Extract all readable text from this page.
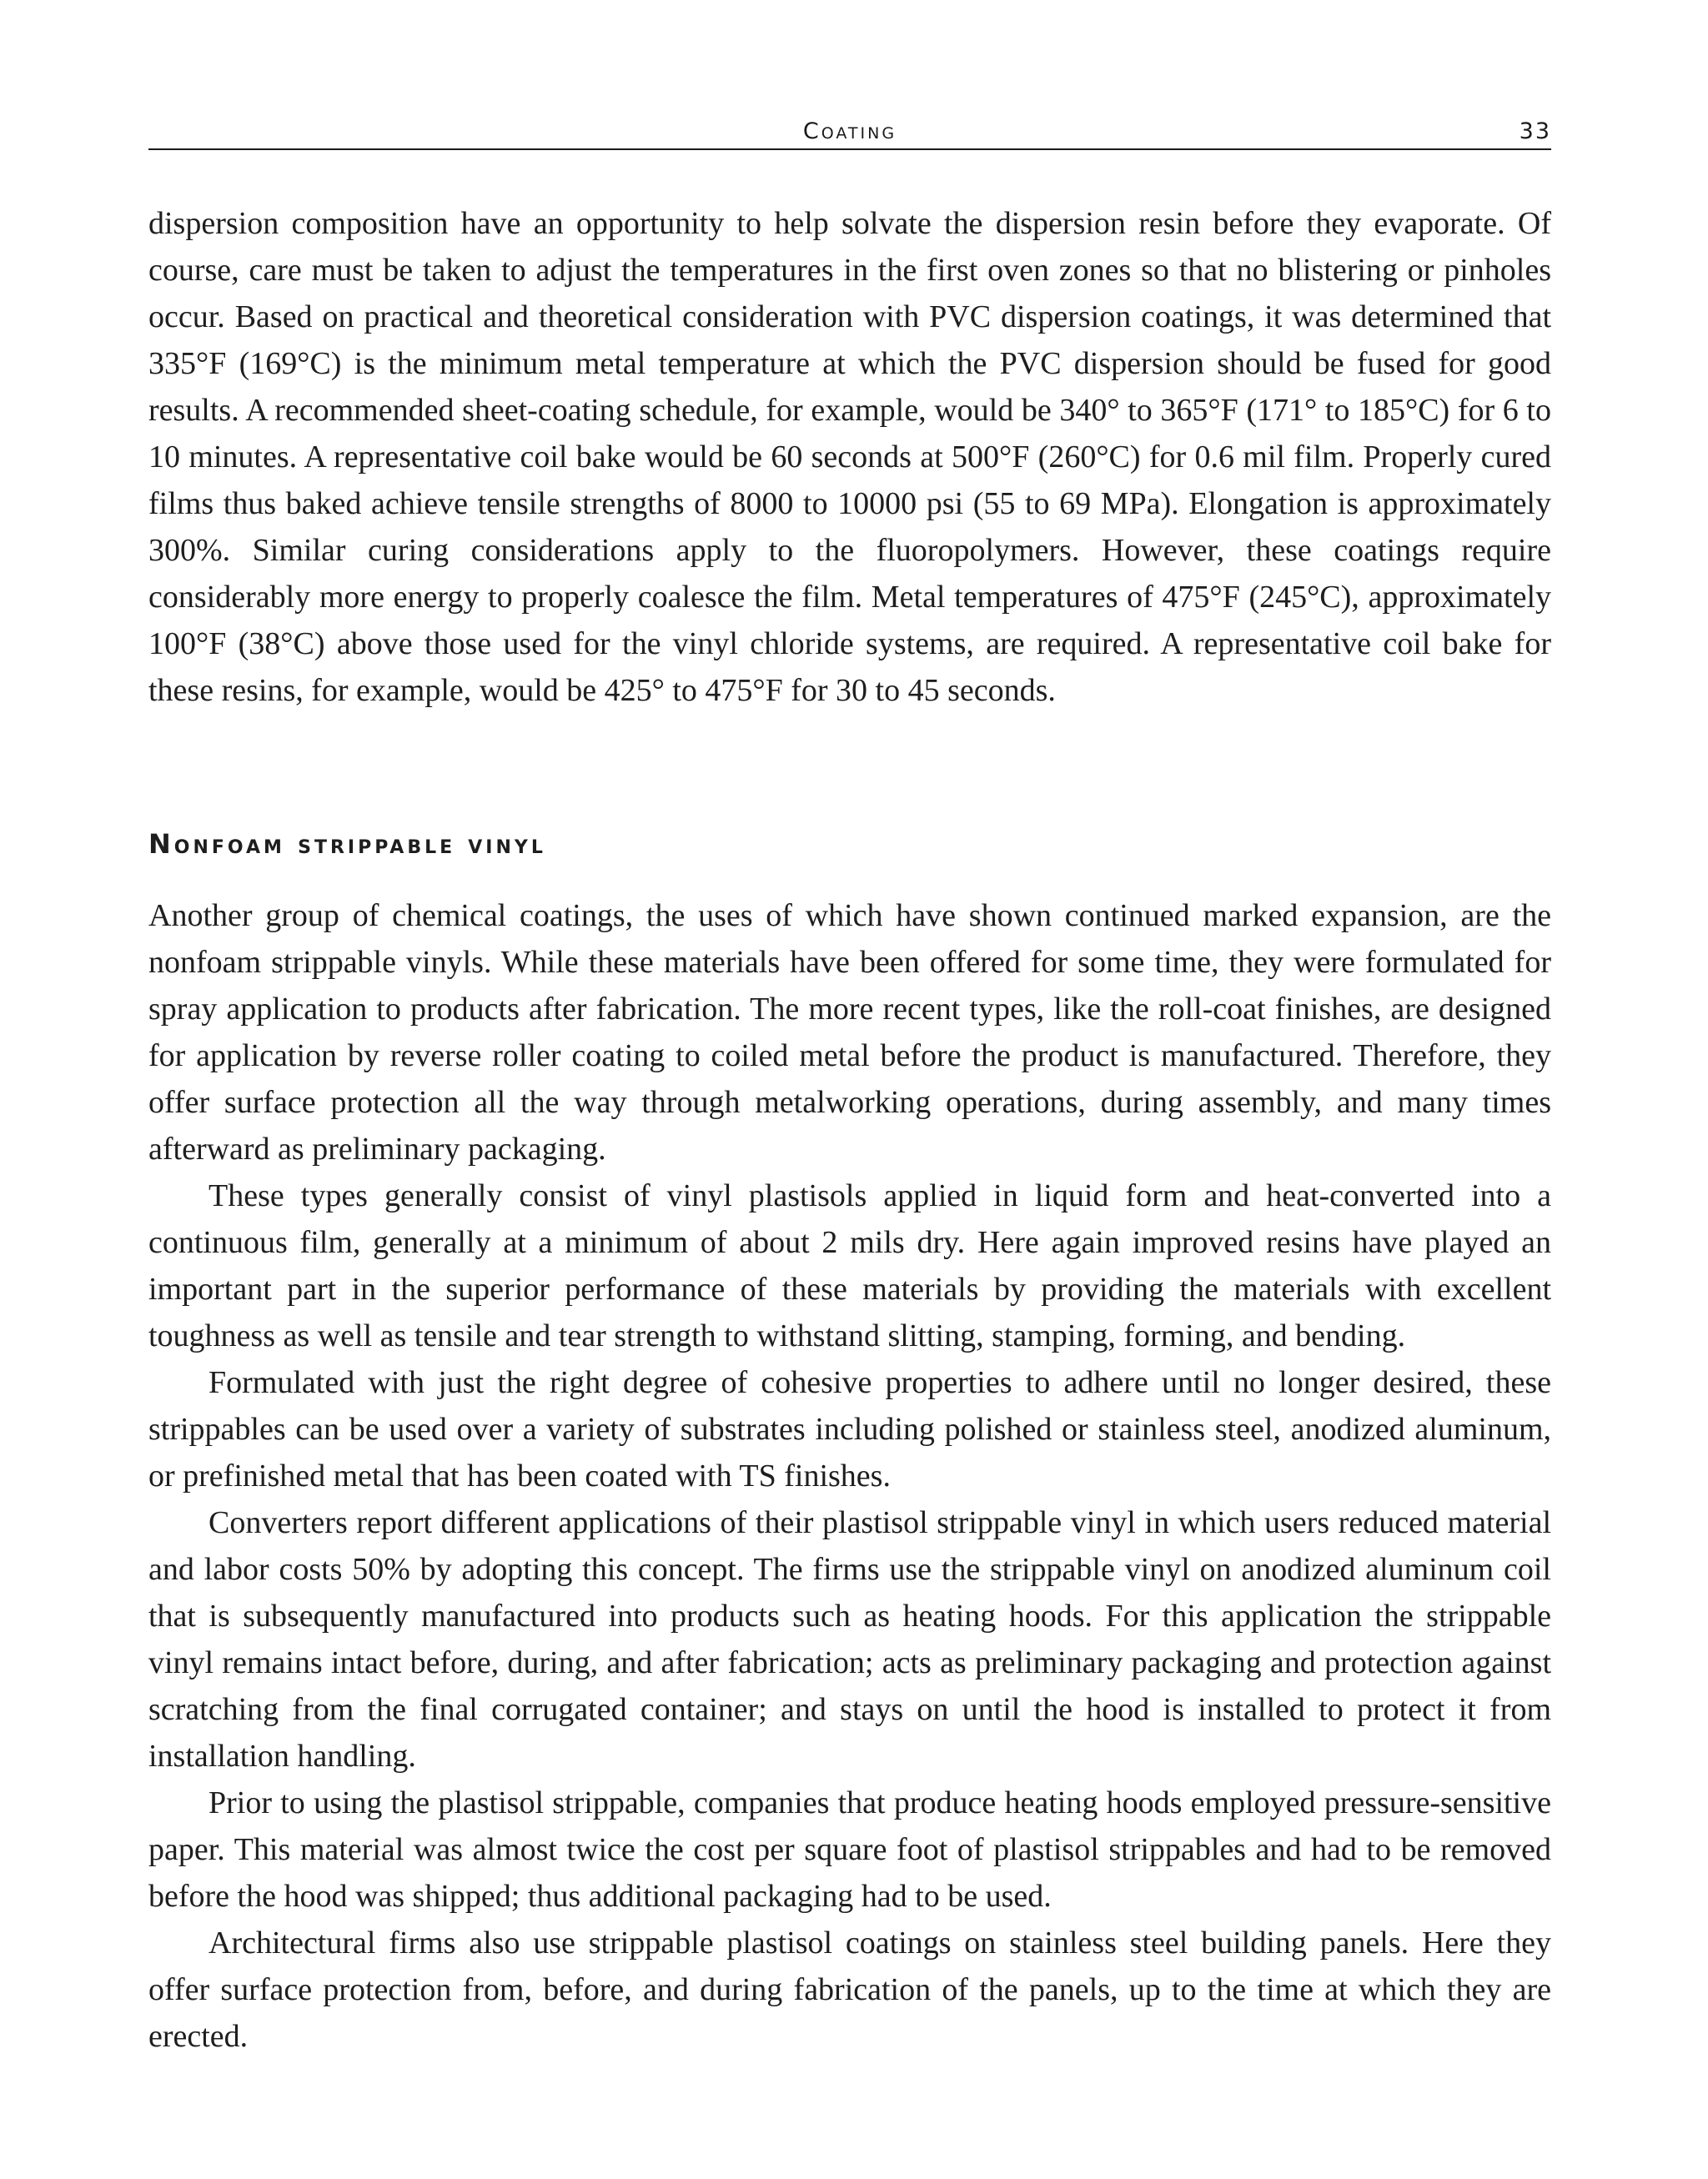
Coating	33

dispersion composition have an opportunity to help solvate the dispersion resin before they evaporate. Of course, care must be taken to adjust the temperatures in the first oven zones so that no blistering or pinholes occur. Based on practical and theoretical consideration with PVC dispersion coatings, it was determined that 335°F (169°C) is the minimum metal temperature at which the PVC dispersion should be fused for good results. A recommended sheet-coating schedule, for example, would be 340° to 365°F (171° to 185°C) for 6 to 10 minutes. A representative coil bake would be 60 seconds at 500°F (260°C) for 0.6 mil film. Properly cured films thus baked achieve tensile strengths of 8000 to 10000 psi (55 to 69 MPa). Elongation is approximately 300%. Similar curing considerations apply to the fluoropolymers. However, these coatings require considerably more energy to properly coalesce the film. Metal temperatures of 475°F (245°C), approximately 100°F (38°C) above those used for the vinyl chloride systems, are required. A representative coil bake for these resins, for example, would be 425° to 475°F for 30 to 45 seconds.

Nonfoam strippable vinyl

Another group of chemical coatings, the uses of which have shown continued marked expansion, are the nonfoam strippable vinyls. While these materials have been offered for some time, they were formulated for spray application to products after fabrication. The more recent types, like the roll-coat finishes, are designed for application by reverse roller coating to coiled metal before the product is manufactured. Therefore, they offer surface protection all the way through metalworking operations, during assembly, and many times afterward as preliminary packaging.

These types generally consist of vinyl plastisols applied in liquid form and heat-converted into a continuous film, generally at a minimum of about 2 mils dry. Here again improved resins have played an important part in the superior performance of these materials by providing the materials with excellent toughness as well as tensile and tear strength to withstand slitting, stamping, forming, and bending.

Formulated with just the right degree of cohesive properties to adhere until no longer desired, these strippables can be used over a variety of substrates including polished or stainless steel, anodized aluminum, or prefinished metal that has been coated with TS finishes.

Converters report different applications of their plastisol strippable vinyl in which users reduced material and labor costs 50% by adopting this concept. The firms use the strippable vinyl on anodized aluminum coil that is subsequently manufactured into products such as heating hoods. For this application the strippable vinyl remains intact before, during, and after fabrication; acts as preliminary packaging and protection against scratching from the final corrugated container; and stays on until the hood is installed to protect it from installation handling.

Prior to using the plastisol strippable, companies that produce heating hoods employed pressure-sensitive paper. This material was almost twice the cost per square foot of plastisol strippables and had to be removed before the hood was shipped; thus additional packaging had to be used.

Architectural firms also use strippable plastisol coatings on stainless steel building panels. Here they offer surface protection from, before, and during fabrication of the panels, up to the time at which they are erected.
